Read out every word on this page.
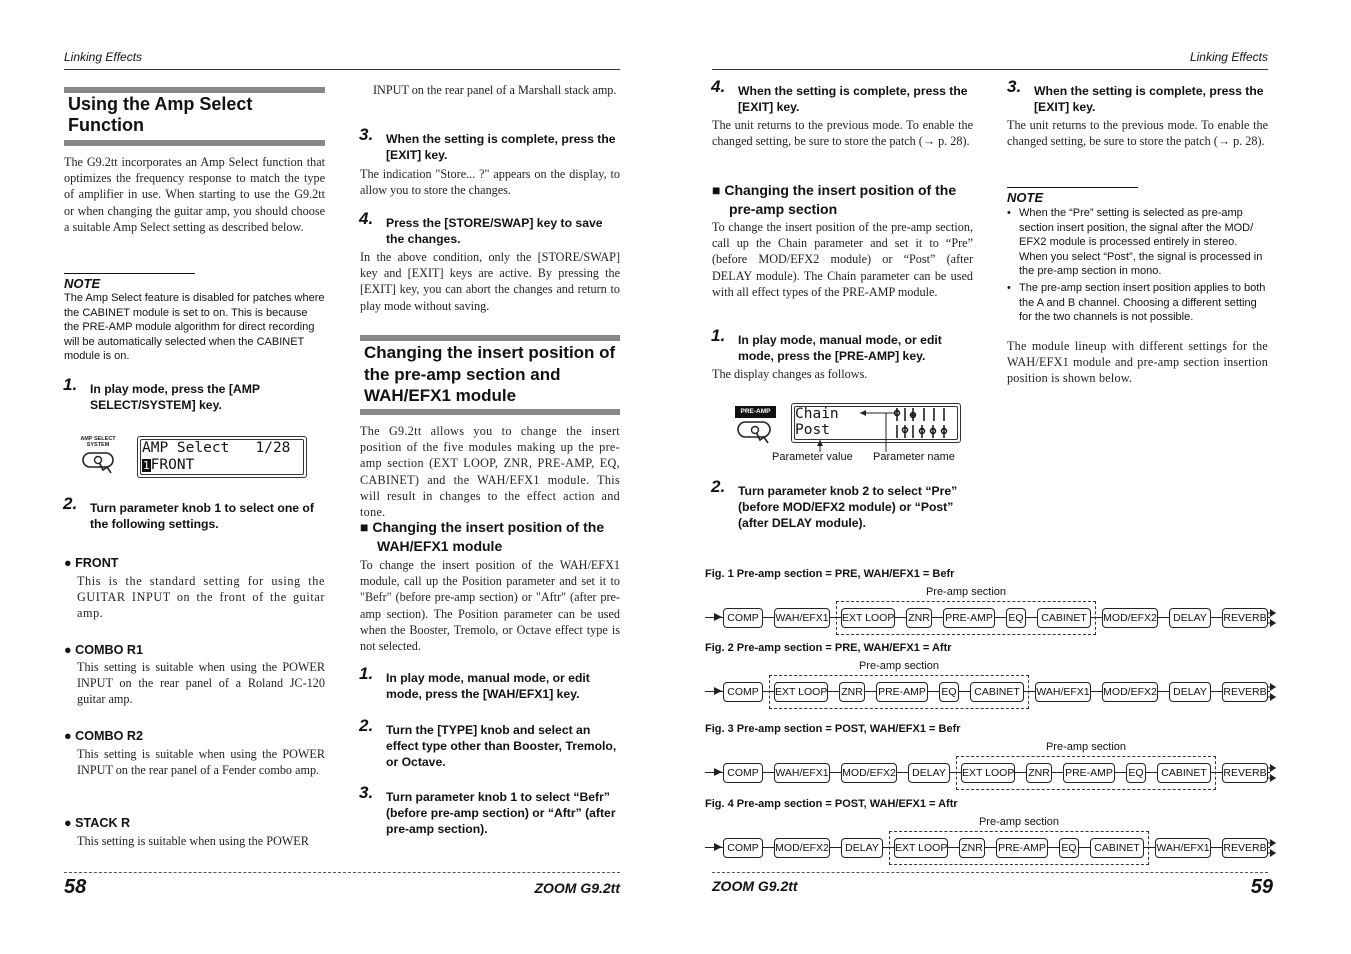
Linking Effects
Using the Amp Select Function
The G9.2tt incorporates an Amp Select function that optimizes the frequency response to match the type of amplifier in use. When starting to use the G9.2tt or when changing the guitar amp, you should choose a suitable Amp Select setting as described below.
NOTE
The Amp Select feature is disabled for patches where the CABINET module is set to on. This is because the PRE-AMP module algorithm for direct recording will be automatically selected when the CABINET module is on.
1. In play mode, press the [AMP SELECT/SYSTEM] key.
AMP SELECT SYSTEM	AMP Select   1/28
1FRONT
2. Turn parameter knob 1 to select one of the following settings.
● FRONT
This is the standard setting for using the GUITAR INPUT on the front of the guitar amp.
● COMBO R1
This setting is suitable when using the POWER INPUT on the rear panel of a Roland JC-120 guitar amp.
● COMBO R2
This setting is suitable when using the POWER INPUT on the rear panel of a Fender combo amp.
● STACK R
This setting is suitable when using the POWER
INPUT on the rear panel of a Marshall stack amp.
3. When the setting is complete, press the [EXIT] key.
The indication "Store... ?" appears on the display, to allow you to store the changes.
4. Press the [STORE/SWAP] key to save the changes.
In the above condition, only the [STORE/SWAP] key and [EXIT] keys are active. By pressing the [EXIT] key, you can abort the changes and return to play mode without saving.
Changing the insert position of the pre-amp section and WAH/EFX1 module
The G9.2tt allows you to change the insert position of the five modules making up the pre-amp section (EXT LOOP, ZNR, PRE-AMP, EQ, CABINET) and the WAH/EFX1 module. This will result in changes to the effect action and tone.
■ Changing the insert position of the WAH/EFX1 module
To change the insert position of the WAH/EFX1 module, call up the Position parameter and set it to "Befr" (before pre-amp section) or "Aftr" (after pre-amp section). The Position parameter can be used when the Booster, Tremolo, or Octave effect type is not selected.
1. In play mode, manual mode, or edit mode, press the [WAH/EFX1] key.
2. Turn the [TYPE] knob and select an effect type other than Booster, Tremolo, or Octave.
3. Turn parameter knob 1 to select “Befr” (before pre-amp section) or “Aftr” (after pre-amp section).
58	ZOOM G9.2tt
Linking Effects
4. When the setting is complete, press the [EXIT] key.
The unit returns to the previous mode. To enable the changed setting, be sure to store the patch (→ p. 28).
■ Changing the insert position of the pre-amp section
To change the insert position of the pre-amp section, call up the Chain parameter and set it to “Pre” (before MOD/EFX2 module) or “Post” (after DELAY module). The Chain parameter can be used with all effect types of the PRE-AMP module.
1. In play mode, manual mode, or edit mode, press the [PRE-AMP] key.
The display changes as follows.
PRE-AMP	Chain
Post
Parameter value Parameter name
2. Turn parameter knob 2 to select “Pre” (before MOD/EFX2 module) or “Post” (after DELAY module).
3. When the setting is complete, press the [EXIT] key.
The unit returns to the previous mode. To enable the changed setting, be sure to store the patch (→ p. 28).
NOTE
• When the “Pre” setting is selected as pre-amp section insert position, the signal after the MOD/ EFX2 module is processed entirely in stereo. When you select “Post”, the signal is processed in the pre-amp section in mono.
• The pre-amp section insert position applies to both the A and B channel. Choosing a different setting for the two channels is not possible.
The module lineup with different settings for the WAH/EFX1 module and pre-amp section insertion position is shown below.
Fig. 1 Pre-amp section = PRE, WAH/EFX1 = Befr
COMP	WAH/EFX1 EXT LOOP ZNR PRE-AMP EQ	CABINET	MOD/EFX2	DELAY	REVERB
Pre-amp section
Fig. 2 Pre-amp section = PRE, WAH/EFX1 = Aftr
COMP	EXT LOOP ZNR PRE-AMP EQ	CABINET	WAH/EFX1 MOD/EFX2	DELAY	REVERB
Pre-amp section
Fig. 3 Pre-amp section = POST, WAH/EFX1 = Befr
COMP	WAH/EFX1 MOD/EFX2	DELAY	EXT LOOP ZNR PRE-AMP EQ	CABINET	REVERB
Pre-amp section
Fig. 4 Pre-amp section = POST, WAH/EFX1 = Aftr
COMP	MOD/EFX2	DELAY	EXT LOOP ZNR PRE-AMP EQ	CABINET	WAH/EFX1 REVERB
Pre-amp section
ZOOM G9.2tt	59
